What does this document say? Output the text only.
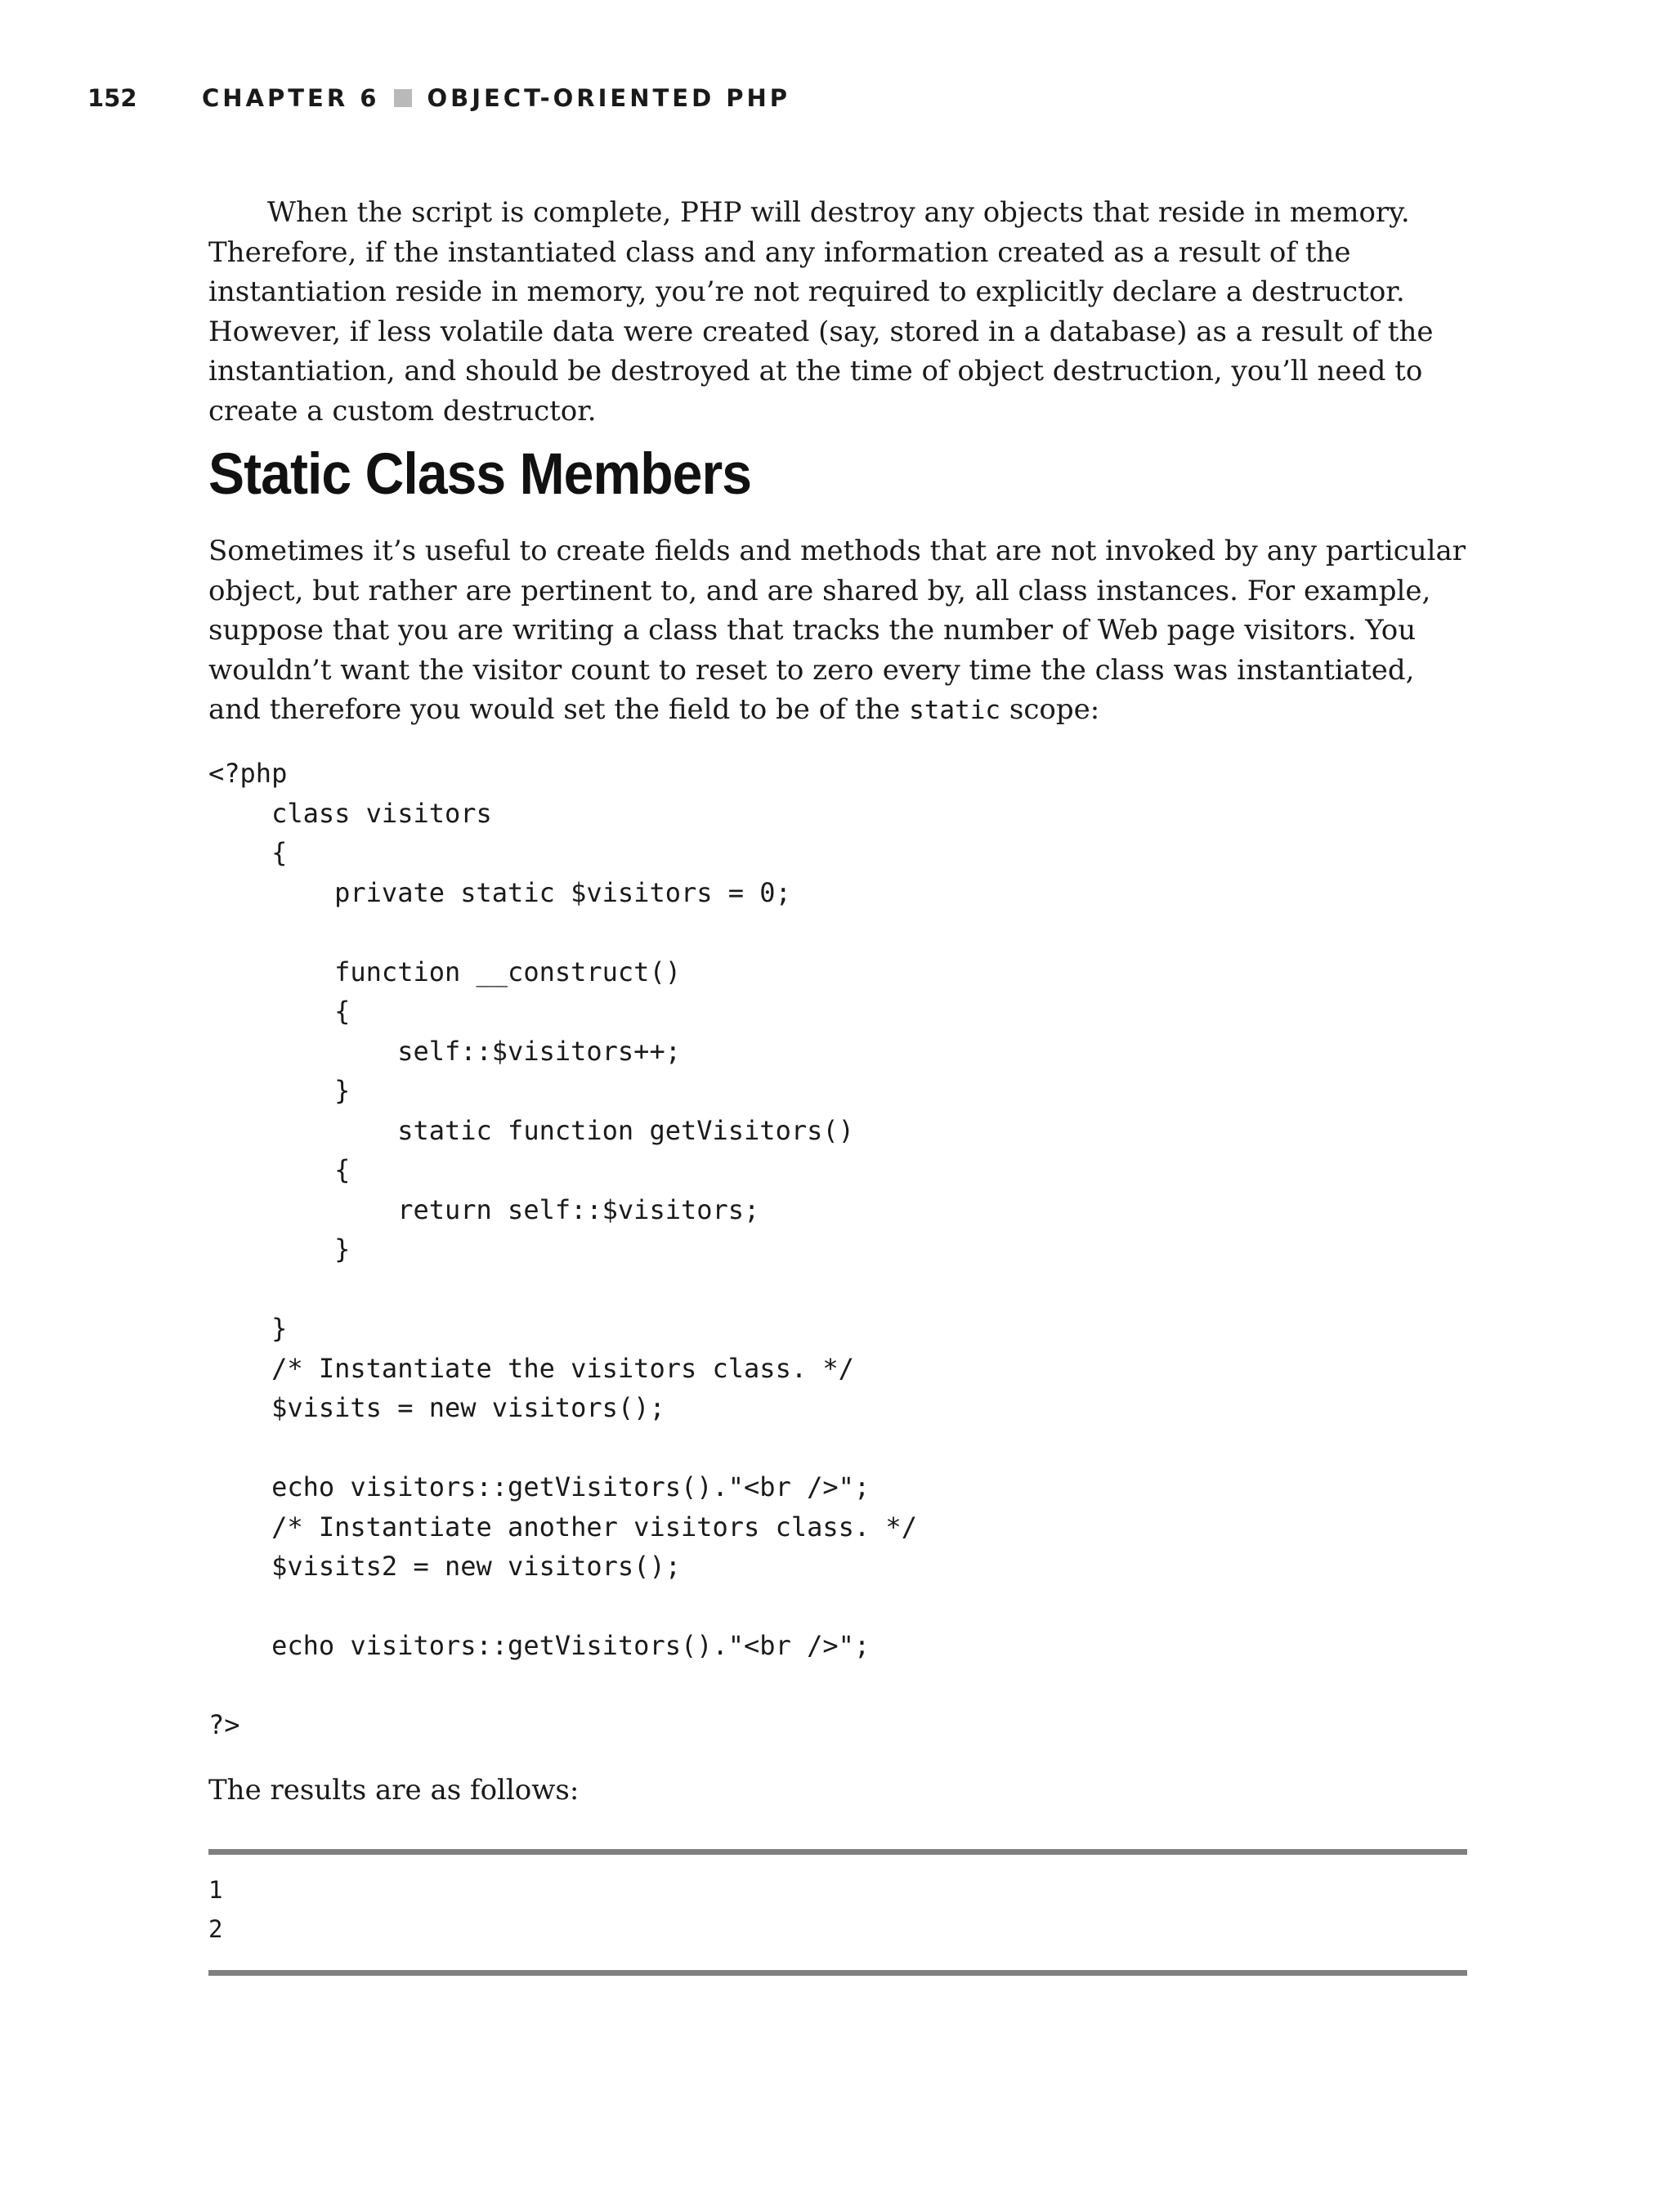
152	CHAPTER 6 OBJECT-ORIENTED PHP

When the script is complete, PHP will destroy any objects that reside in memory. Therefore, if the instantiated class and any information created as a result of the instantiation reside in memory, you’re not required to explicitly declare a destructor. However, if less volatile data were created (say, stored in a database) as a result of the instantiation, and should be destroyed at the time of object destruction, you’ll need to create a custom destructor.

Static Class Members

Sometimes it’s useful to create fields and methods that are not invoked by any particular object, but rather are pertinent to, and are shared by, all class instances. For example, suppose that you are writing a class that tracks the number of Web page visitors. You wouldn’t want the visitor count to reset to zero every time the class was instantiated, and therefore you would set the field to be of the static scope:

<?php
class visitors
{
private static $visitors = 0;

function __construct()
{
self::$visitors++;
}
static function getVisitors()
{
return self::$visitors;
}

}
/* Instantiate the visitors class. */
$visits = new visitors();

echo visitors::getVisitors()."<br />";
/* Instantiate another visitors class. */
$visits2 = new visitors();

echo visitors::getVisitors()."<br />";

?>

The results are as follows:

1
2
